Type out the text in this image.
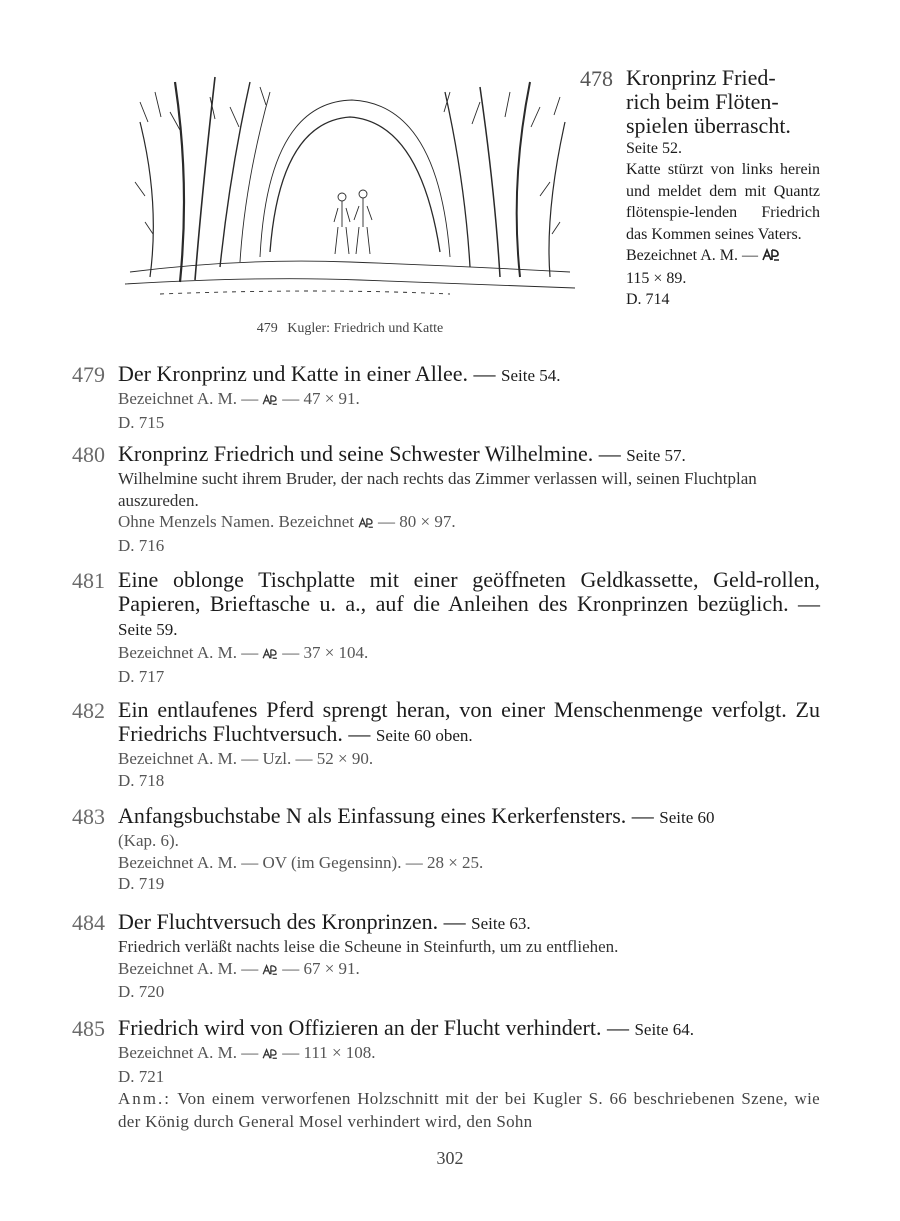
479 Kugler: Friedrich und Katte
478 Kronprinz Fried-
rich beim Flöten-
spielen überrascht.
Seite 52.
Katte stürzt von links herein und meldet dem mit Quantz flötenspie-lenden Friedrich das Kommen seines Vaters.
Bezeichnet A. M. —
115 × 89.
D. 714
479 Der Kronprinz und Katte in einer Allee. — Seite 54.
Bezeichnet A. M. — — 47 × 91.
D. 715
480 Kronprinz Friedrich und seine Schwester Wilhelmine. — Seite 57.
Wilhelmine sucht ihrem Bruder, der nach rechts das Zimmer verlassen will, seinen Fluchtplan auszureden.
Ohne Menzels Namen. Bezeichnet — 80 × 97.
D. 716
481 Eine oblonge Tischplatte mit einer geöffneten Geldkassette, Geld-rollen, Papieren, Brieftasche u. a., auf die Anleihen des Kronprinzen bezüglich. — Seite 59.
Bezeichnet A. M. — — 37 × 104.
D. 717
482 Ein entlaufenes Pferd sprengt heran, von einer Menschenmenge verfolgt. Zu Friedrichs Fluchtversuch. — Seite 60 oben.
Bezeichnet A. M. — Uzl. — 52 × 90.
D. 718
483 Anfangsbuchstabe N als Einfassung eines Kerkerfensters. — Seite 60
(Kap. 6).
Bezeichnet A. M. — OV (im Gegensinn). — 28 × 25.
D. 719
484 Der Fluchtversuch des Kronprinzen. — Seite 63.
Friedrich verläßt nachts leise die Scheune in Steinfurth, um zu entfliehen.
Bezeichnet A. M. — — 67 × 91.
D. 720
485 Friedrich wird von Offizieren an der Flucht verhindert. — Seite 64.
Bezeichnet A. M. — — 111 × 108.
D. 721
Anm.: Von einem verworfenen Holzschnitt mit der bei Kugler S. 66 beschriebenen Szene, wie der König durch General Mosel verhindert wird, den Sohn
302
